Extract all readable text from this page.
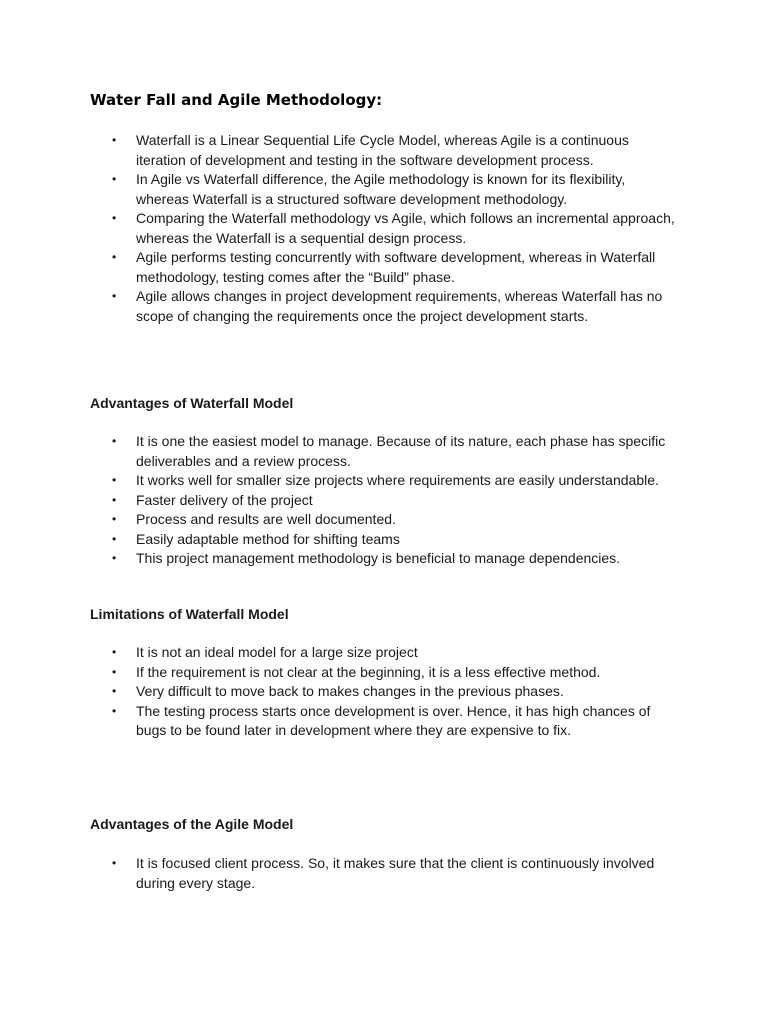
Water Fall and Agile Methodology:
• Waterfall is a Linear Sequential Life Cycle Model, whereas Agile is a continuous iteration of development and testing in the software development process.
• In Agile vs Waterfall difference, the Agile methodology is known for its flexibility, whereas Waterfall is a structured software development methodology.
• Comparing the Waterfall methodology vs Agile, which follows an incremental approach, whereas the Waterfall is a sequential design process.
• Agile performs testing concurrently with software development, whereas in Waterfall methodology, testing comes after the “Build” phase.
• Agile allows changes in project development requirements, whereas Waterfall has no scope of changing the requirements once the project development starts.
Advantages of Waterfall Model
• It is one the easiest model to manage. Because of its nature, each phase has specific deliverables and a review process.
• It works well for smaller size projects where requirements are easily understandable.
• Faster delivery of the project
• Process and results are well documented.
• Easily adaptable method for shifting teams
• This project management methodology is beneficial to manage dependencies.
Limitations of Waterfall Model
• It is not an ideal model for a large size project
• If the requirement is not clear at the beginning, it is a less effective method.
• Very difficult to move back to makes changes in the previous phases.
• The testing process starts once development is over. Hence, it has high chances of bugs to be found later in development where they are expensive to fix.
Advantages of the Agile Model
• It is focused client process. So, it makes sure that the client is continuously involved during every stage.
